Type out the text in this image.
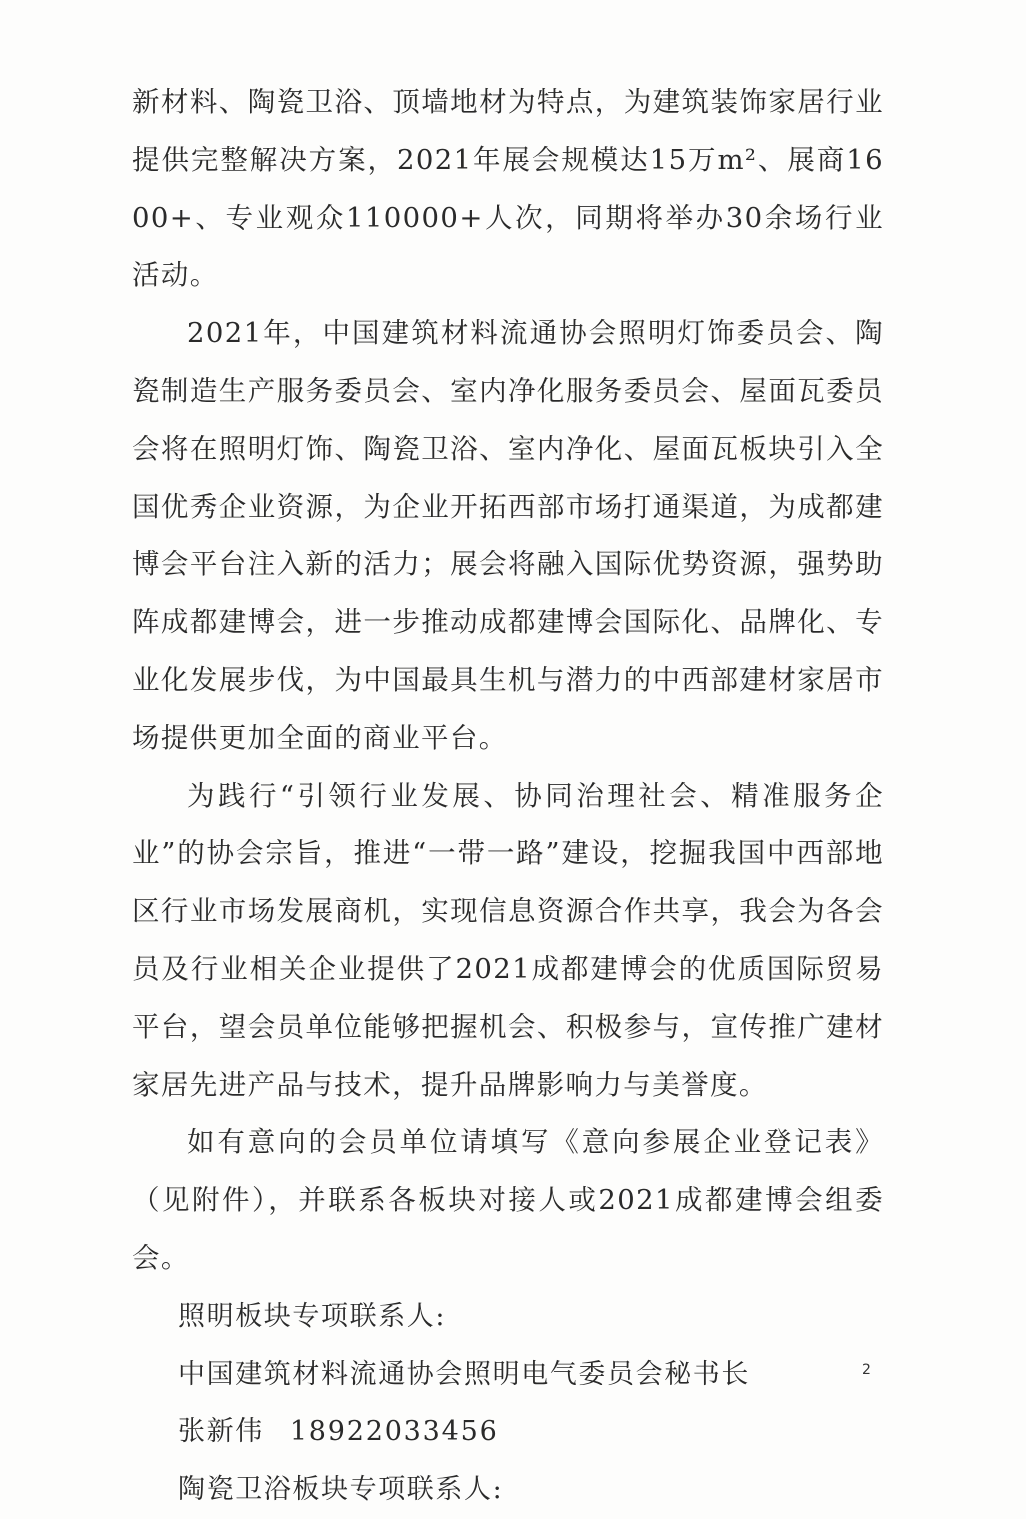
新材料、陶瓷卫浴、顶墙地材为特点，为建筑装饰家居行业提供完整解决方案，2021年展会规模达15万m²、展商1600+、专业观众110000+人次，同期将举办30余场行业活动。

2021年，中国建筑材料流通协会照明灯饰委员会、陶瓷制造生产服务委员会、室内净化服务委员会、屋面瓦委员会将在照明灯饰、陶瓷卫浴、室内净化、屋面瓦板块引入全国优秀企业资源，为企业开拓西部市场打通渠道，为成都建博会平台注入新的活力；展会将融入国际优势资源，强势助阵成都建博会，进一步推动成都建博会国际化、品牌化、专业化发展步伐，为中国最具生机与潜力的中西部建材家居市场提供更加全面的商业平台。

为践行“引领行业发展、协同治理社会、精准服务企业”的协会宗旨，推进“一带一路”建设，挖掘我国中西部地区行业市场发展商机，实现信息资源合作共享，我会为各会员及行业相关企业提供了2021成都建博会的优质国际贸易平台，望会员单位能够把握机会、积极参与，宣传推广建材家居先进产品与技术，提升品牌影响力与美誉度。

如有意向的会员单位请填写《意向参展企业登记表》（见附件），并联系各板块对接人或2021成都建博会组委会。

照明板块专项联系人:

中国建筑材料流通协会照明电气委员会秘书长

张新伟 18922033456

陶瓷卫浴板块专项联系人:

2
